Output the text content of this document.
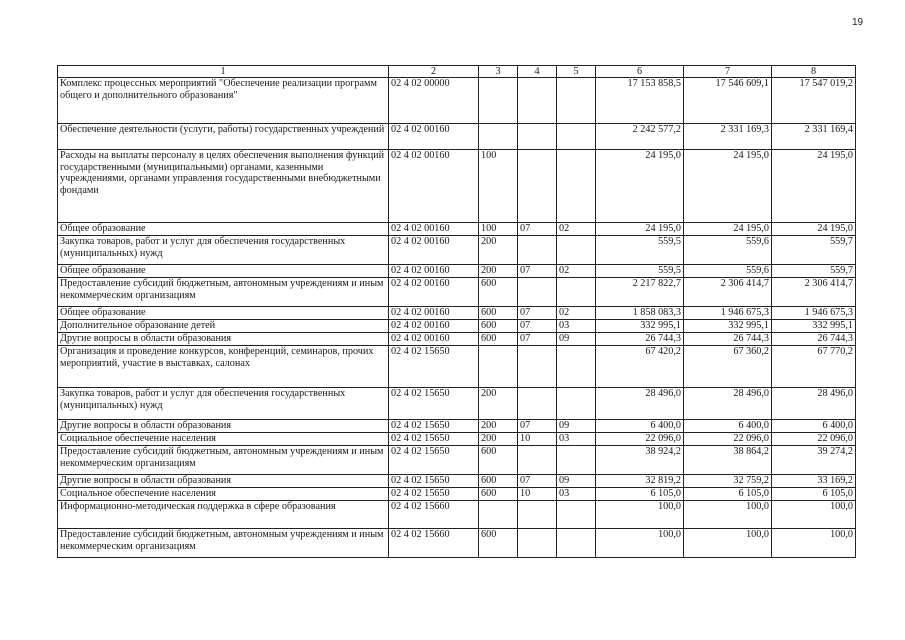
19
1	2	3	4	5	6	7	8
Комплекс процессных мероприятий "Обеспечение реализации программ общего и дополнительного образования"	02 4 02 00000				17 153 858,5	17 546 609,1	17 547 019,2
Обеспечение деятельности (услуги, работы) государственных учреждений	02 4 02 00160				2 242 577,2	2 331 169,3	2 331 169,4
Расходы на выплаты персоналу в целях обеспечения выполнения функций государственными (муниципальными) органами, казенными учреждениями, органами управления государственными внебюджетными фондами	02 4 02 00160	100			24 195,0	24 195,0	24 195,0
Общее образование	02 4 02 00160	100	07	02	24 195,0	24 195,0	24 195,0
Закупка товаров, работ и услуг для обеспечения государственных (муниципальных) нужд	02 4 02 00160	200			559,5	559,6	559,7
Общее образование	02 4 02 00160	200	07	02	559,5	559,6	559,7
Предоставление субсидий бюджетным, автономным учреждениям и иным некоммерческим организациям	02 4 02 00160	600			2 217 822,7	2 306 414,7	2 306 414,7
Общее образование	02 4 02 00160	600	07	02	1 858 083,3	1 946 675,3	1 946 675,3
Дополнительное образование детей	02 4 02 00160	600	07	03	332 995,1	332 995,1	332 995,1
Другие вопросы в области образования	02 4 02 00160	600	07	09	26 744,3	26 744,3	26 744,3
Организация и проведение конкурсов, конференций, семинаров, прочих мероприятий, участие в выставках, салонах	02 4 02 15650				67 420,2	67 360,2	67 770,2
Закупка товаров, работ и услуг для обеспечения государственных (муниципальных) нужд	02 4 02 15650	200			28 496,0	28 496,0	28 496,0
Другие вопросы в области образования	02 4 02 15650	200	07	09	6 400,0	6 400,0	6 400,0
Социальное обеспечение населения	02 4 02 15650	200	10	03	22 096,0	22 096,0	22 096,0
Предоставление субсидий бюджетным, автономным учреждениям и иным некоммерческим организациям	02 4 02 15650	600			38 924,2	38 864,2	39 274,2
Другие вопросы в области образования	02 4 02 15650	600	07	09	32 819,2	32 759,2	33 169,2
Социальное обеспечение населения	02 4 02 15650	600	10	03	6 105,0	6 105,0	6 105,0
Информационно-методическая поддержка в сфере образования	02 4 02 15660				100,0	100,0	100,0
Предоставление субсидий бюджетным, автономным учреждениям и иным некоммерческим организациям	02 4 02 15660	600			100,0	100,0	100,0
